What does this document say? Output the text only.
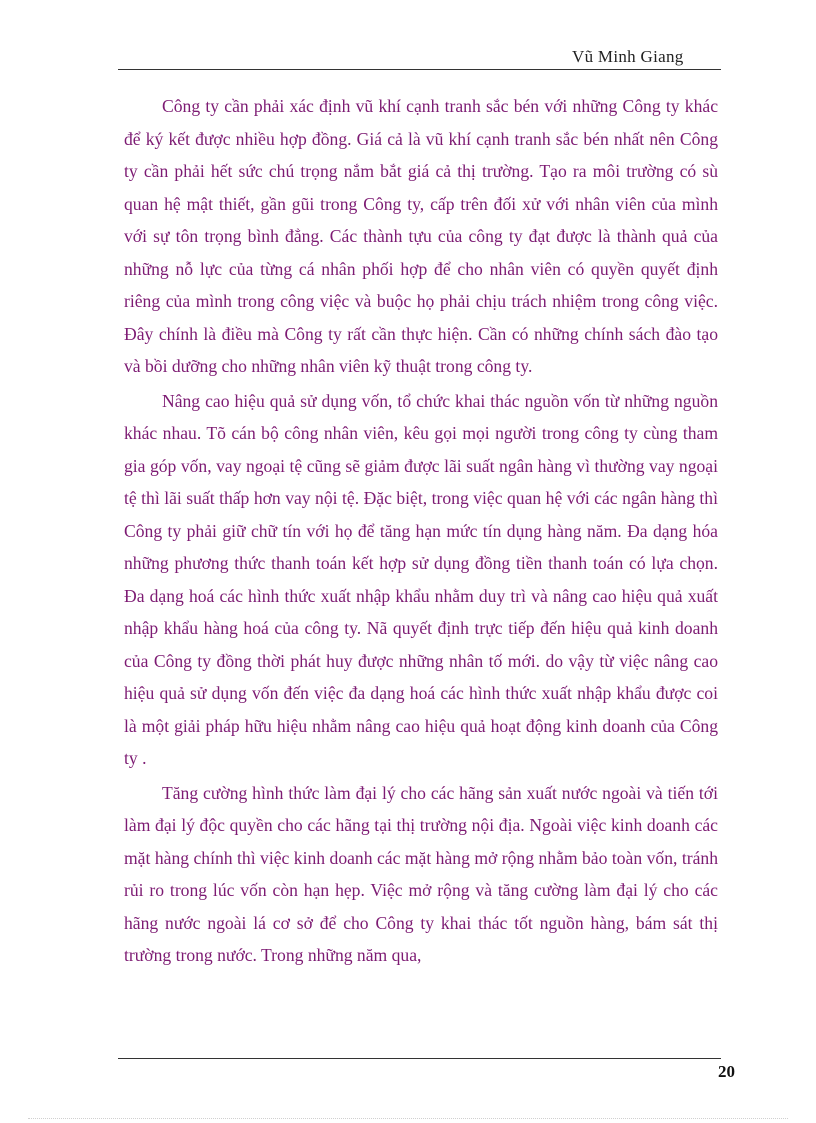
Vũ Minh Giang

Công ty cần phải xác định vũ khí cạnh tranh sắc bén với những Công ty khác để ký kết được nhiều hợp đồng. Giá cả là vũ khí cạnh tranh sắc bén nhất nên Công ty cần phải hết sức chú trọng nắm bắt giá cả thị trường. Tạo ra môi trường có sù quan hệ mật thiết, gần gũi trong Công ty, cấp trên đối xử với nhân viên của mình với sự tôn trọng bình đẳng. Các thành tựu của công ty đạt được là thành quả của những nỗ lực của từng cá nhân phối hợp để cho nhân viên có quyền quyết định riêng của mình trong công việc và buộc họ phải chịu trách nhiệm trong công việc. Đây chính là điều mà Công ty rất cần thực hiện. Cần có những chính sách đào tạo và bồi dưỡng cho những nhân viên kỹ thuật trong công ty.

Nâng cao hiệu quả sử dụng vốn, tổ chức khai thác nguồn vốn từ những nguồn khác nhau. Tõ cán bộ công nhân viên, kêu gọi mọi người trong công ty cùng tham gia góp vốn, vay ngoại tệ cũng sẽ giảm được lãi suất ngân hàng vì thường vay ngoại tệ thì lãi suất thấp hơn vay nội tệ. Đặc biệt, trong việc quan hệ với các ngân hàng thì Công ty phải giữ chữ tín với họ để tăng hạn mức tín dụng hàng năm. Đa dạng hóa những phương thức thanh toán kết hợp sử dụng đồng tiền thanh toán có lựa chọn. Đa dạng hoá các hình thức xuất nhập khẩu nhằm duy trì và nâng cao hiệu quả xuất nhập khẩu hàng hoá của công ty. Nã quyết định trực tiếp đến hiệu quả kinh doanh của Công ty đồng thời phát huy được những nhân tố mới. do vậy từ việc nâng cao hiệu quả sử dụng vốn đến việc đa dạng hoá các hình thức xuất nhập khẩu được coi là một giải pháp hữu hiệu nhằm nâng cao hiệu quả hoạt động kinh doanh của Công ty .

Tăng cường hình thức làm đại lý cho các hãng sản xuất nước ngoài và tiến tới làm đại lý độc quyền cho các hãng tại thị trường nội địa. Ngoài việc kinh doanh các mặt hàng chính thì việc kinh doanh các mặt hàng mở rộng nhằm bảo toàn vốn, tránh rủi ro trong lúc vốn còn hạn hẹp. Việc mở rộng và tăng cường làm đại lý cho các hãng nước ngoài lá cơ sở để cho Công ty khai thác tốt nguồn hàng, bám sát thị trường trong nước. Trong những năm qua,

20
